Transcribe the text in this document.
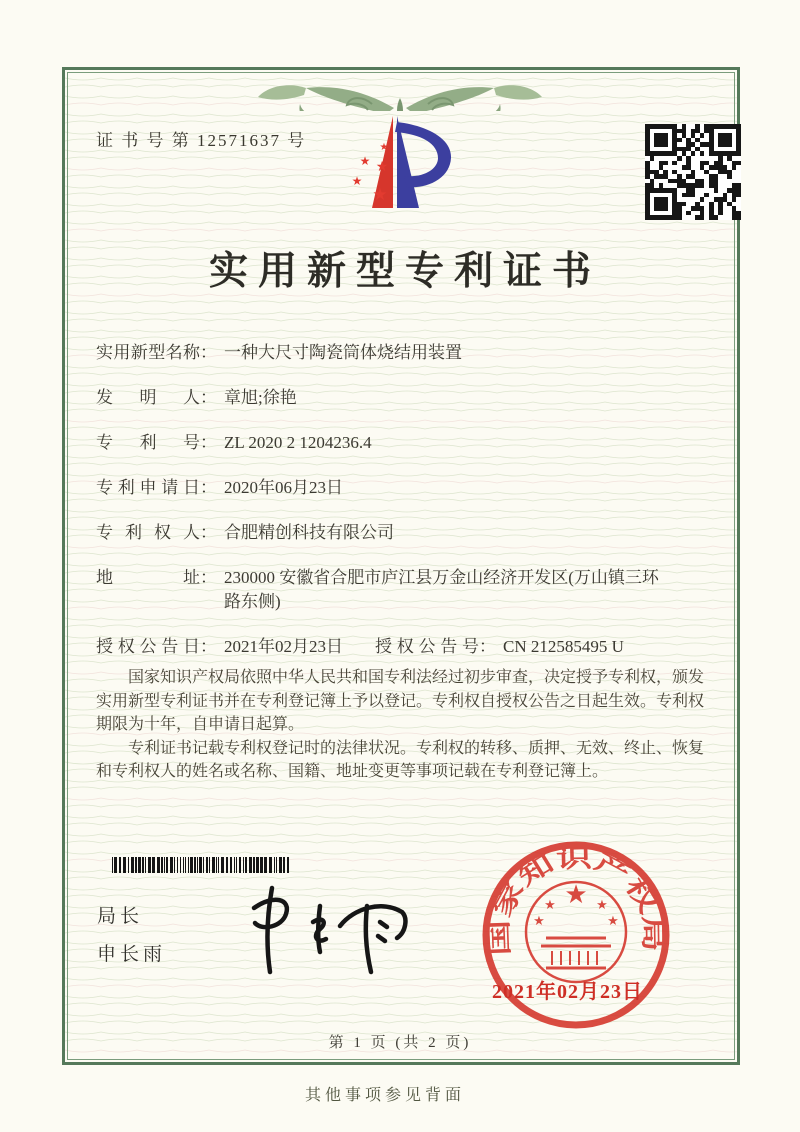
证 书 号 第 12571637 号	★
★ ★
★
★
实用新型专利证书
实用新型名称 ： 一种大尺寸陶瓷筒体烧结用装置
发明人 ： 章旭;徐艳
专利号 ： ZL 2020 2 1204236.4
专利申请日 ： 2020年06月23日
专利权人 ： 合肥精创科技有限公司
地址 ： 230000 安徽省合肥市庐江县万金山经济开发区(万山镇三环路东侧)
授权公告日 ： 2021年02月23日 授权公告号 ： CN 212585495 U

国家知识产权局依照中华人民共和国专利法经过初步审查，决定授予专利权，颁发实用新型专利证书并在专利登记簿上予以登记。专利权自授权公告之日起生效。专利权期限为十年，自申请日起算。

专利证书记载专利权登记时的法律状况。专利权的转移、质押、无效、终止、恢复和专利权人的姓名或名称、国籍、地址变更等事项记载在专利登记簿上。

局长
申长雨	国家知识产权局
★
★
★
★
★
2021年02月23日
第 1 页 (共 2 页)
其他事项参见背面
